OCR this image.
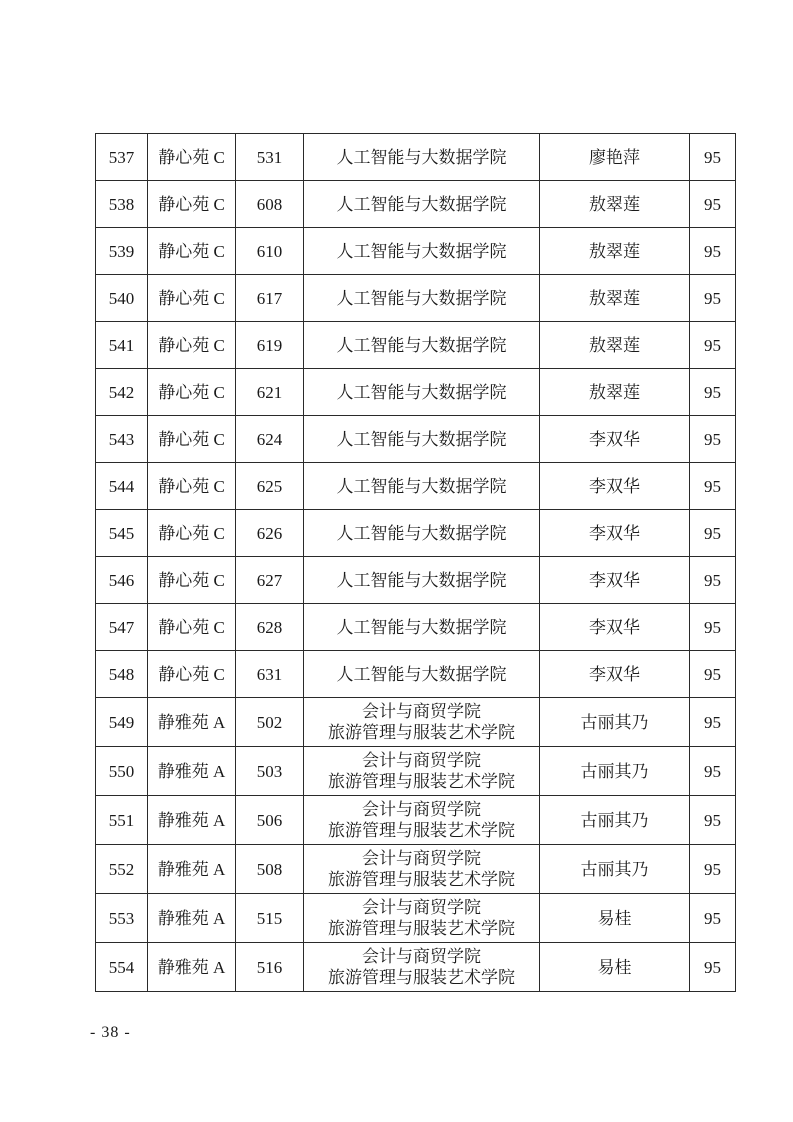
537	静心苑 C	531	人工智能与大数据学院	廖艳萍	95
538	静心苑 C	608	人工智能与大数据学院	敖翠莲	95
539	静心苑 C	610	人工智能与大数据学院	敖翠莲	95
540	静心苑 C	617	人工智能与大数据学院	敖翠莲	95
541	静心苑 C	619	人工智能与大数据学院	敖翠莲	95
542	静心苑 C	621	人工智能与大数据学院	敖翠莲	95
543	静心苑 C	624	人工智能与大数据学院	李双华	95
544	静心苑 C	625	人工智能与大数据学院	李双华	95
545	静心苑 C	626	人工智能与大数据学院	李双华	95
546	静心苑 C	627	人工智能与大数据学院	李双华	95
547	静心苑 C	628	人工智能与大数据学院	李双华	95
548	静心苑 C	631	人工智能与大数据学院	李双华	95
549	静雅苑 A	502	会计与商贸学院
旅游管理与服装艺术学院	古丽其乃	95
550	静雅苑 A	503	会计与商贸学院
旅游管理与服装艺术学院	古丽其乃	95
551	静雅苑 A	506	会计与商贸学院
旅游管理与服装艺术学院	古丽其乃	95
552	静雅苑 A	508	会计与商贸学院
旅游管理与服装艺术学院	古丽其乃	95
553	静雅苑 A	515	会计与商贸学院
旅游管理与服装艺术学院	易桂	95
554	静雅苑 A	516	会计与商贸学院
旅游管理与服装艺术学院	易桂	95
- 38 -
